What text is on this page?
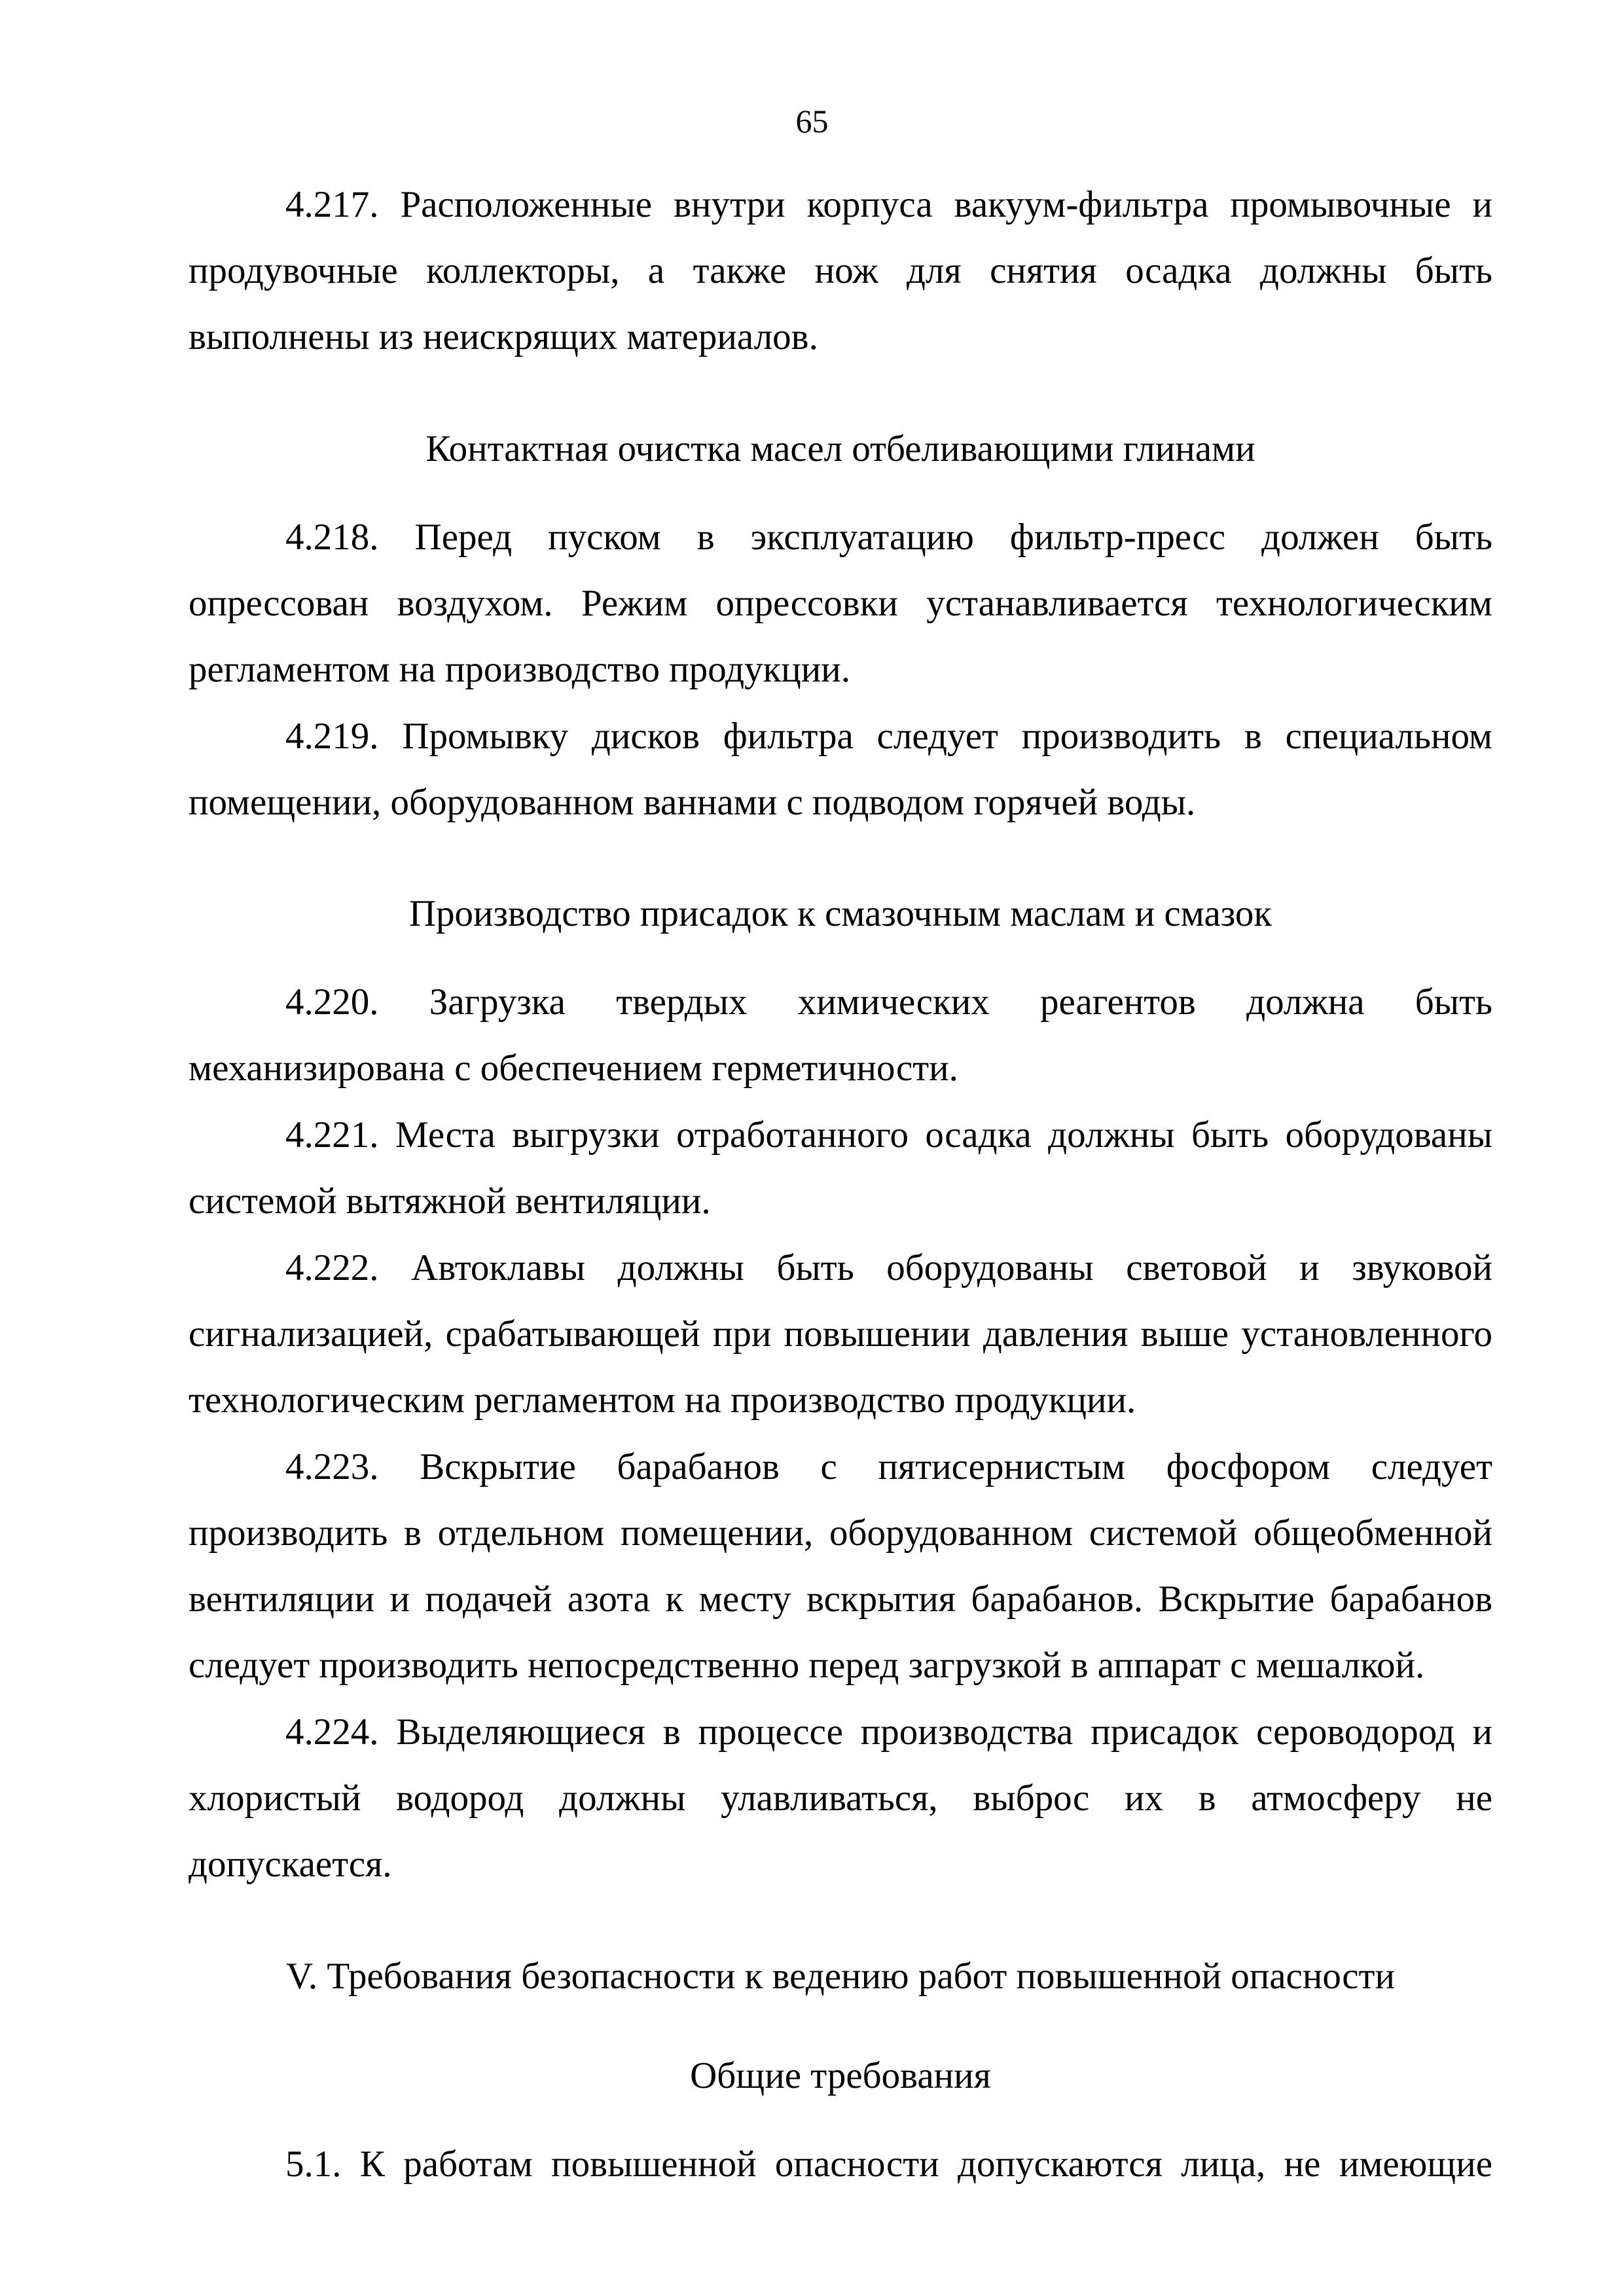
65

4.217. Расположенные внутри корпуса вакуум-фильтра промывочные и продувочные коллекторы, а также нож для снятия осадка должны быть выполнены из неискрящих материалов.

Контактная очистка масел отбеливающими глинами

4.218. Перед пуском в эксплуатацию фильтр-пресс должен быть опрессован воздухом. Режим опрессовки устанавливается технологическим регламентом на производство продукции.

4.219. Промывку дисков фильтра следует производить в специальном помещении, оборудованном ваннами с подводом горячей воды.

Производство присадок к смазочным маслам и смазок

4.220. Загрузка твердых химических реагентов должна быть механизирована с обеспечением герметичности.

4.221. Места выгрузки отработанного осадка должны быть оборудованы системой вытяжной вентиляции.

4.222. Автоклавы должны быть оборудованы световой и звуковой сигнализацией, срабатывающей при повышении давления выше установленного технологическим регламентом на производство продукции.

4.223. Вскрытие барабанов с пятисернистым фосфором следует производить в отдельном помещении, оборудованном системой общеобменной вентиляции и подачей азота к месту вскрытия барабанов. Вскрытие барабанов следует производить непосредственно перед загрузкой в аппарат с мешалкой.

4.224. Выделяющиеся в процессе производства присадок сероводород и хлористый водород должны улавливаться, выброс их в атмосферу не допускается.

V. Требования безопасности к ведению работ повышенной опасности

Общие требования

5.1. К работам повышенной опасности допускаются лица, не имеющие
